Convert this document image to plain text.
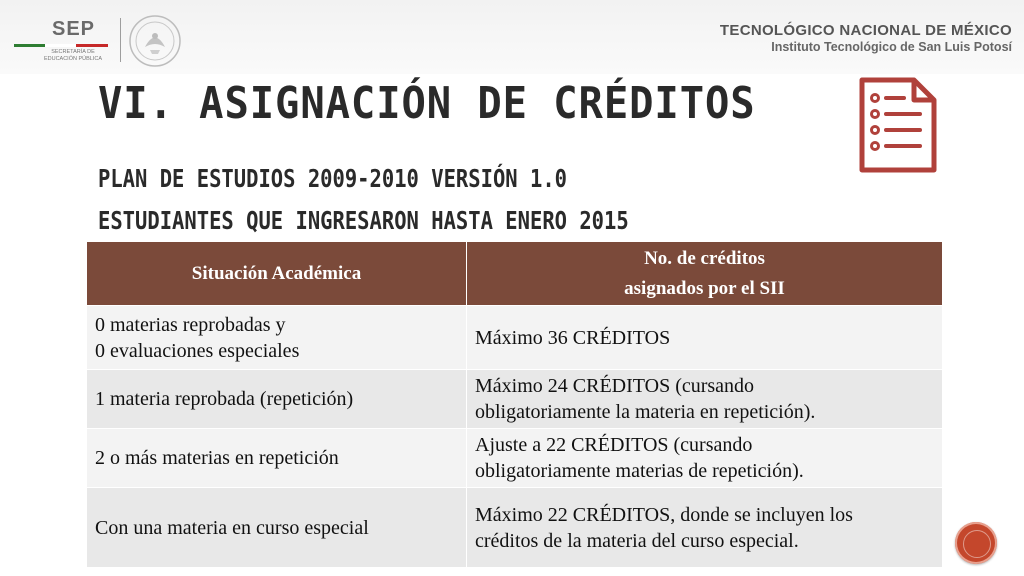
SEP
SECRETARÍA DE
EDUCACIÓN PÚBLICA
TECNOLÓGICO NACIONAL DE MÉXICO
Instituto Tecnológico de San Luis Potosí
VI. ASIGNACIÓN DE CRÉDITOS
PLAN DE ESTUDIOS 2009-2010 VERSIÓN 1.0
ESTUDIANTES QUE INGRESARON HASTA ENERO 2015
Situación Académica	No. de créditos
asignados por el SII

0 materias reprobadas y
0 evaluaciones especiales	Máximo 36 CRÉDITOS

1 materia reprobada (repetición)	Máximo 24 CRÉDITOS (cursando
obligatoriamente la materia en repetición).

2 o más materias en repetición	Ajuste a 22 CRÉDITOS (cursando
obligatoriamente materias de repetición).

Con una materia en curso especial	Máximo 22 CRÉDITOS, donde se incluyen los
créditos de la materia del curso especial.
